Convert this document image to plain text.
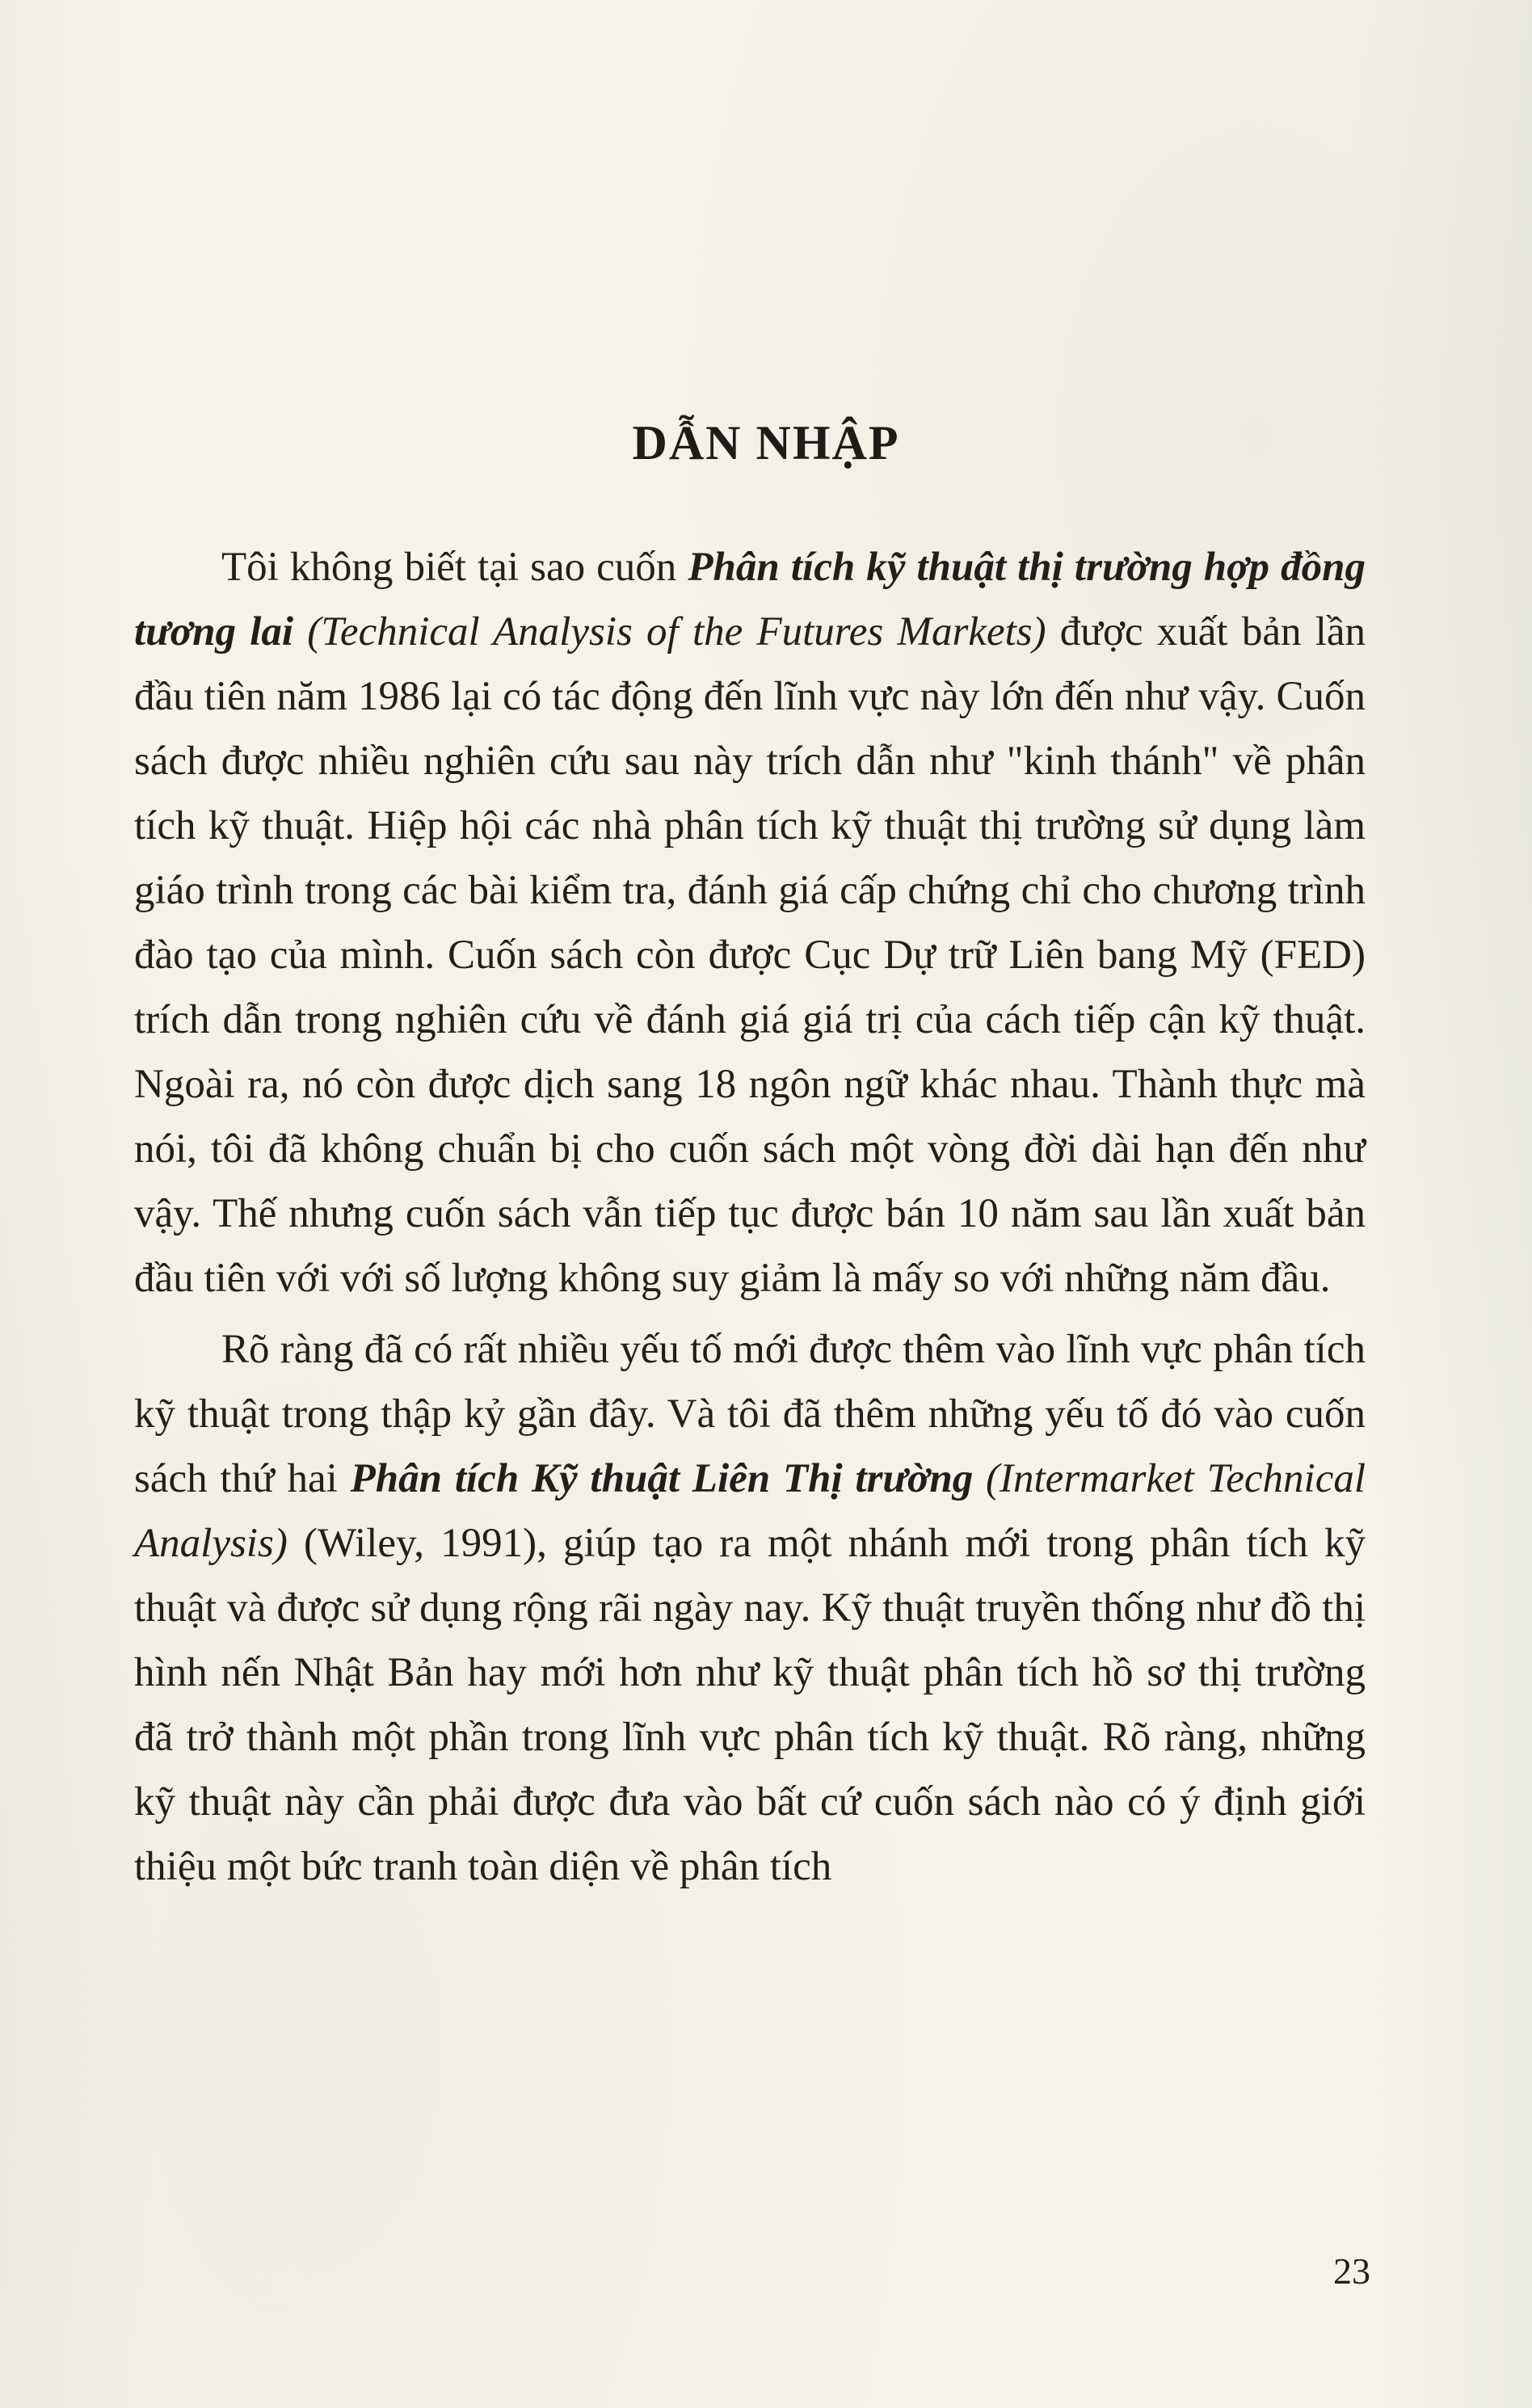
DẪN NHẬP

Tôi không biết tại sao cuốn Phân tích kỹ thuật thị trường hợp đồng tương lai (Technical Analysis of the Futures Markets) được xuất bản lần đầu tiên năm 1986 lại có tác động đến lĩnh vực này lớn đến như vậy. Cuốn sách được nhiều nghiên cứu sau này trích dẫn như "kinh thánh" về phân tích kỹ thuật. Hiệp hội các nhà phân tích kỹ thuật thị trường sử dụng làm giáo trình trong các bài kiểm tra, đánh giá cấp chứng chỉ cho chương trình đào tạo của mình. Cuốn sách còn được Cục Dự trữ Liên bang Mỹ (FED) trích dẫn trong nghiên cứu về đánh giá giá trị của cách tiếp cận kỹ thuật. Ngoài ra, nó còn được dịch sang 18 ngôn ngữ khác nhau. Thành thực mà nói, tôi đã không chuẩn bị cho cuốn sách một vòng đời dài hạn đến như vậy. Thế nhưng cuốn sách vẫn tiếp tục được bán 10 năm sau lần xuất bản đầu tiên với với số lượng không suy giảm là mấy so với những năm đầu.

Rõ ràng đã có rất nhiều yếu tố mới được thêm vào lĩnh vực phân tích kỹ thuật trong thập kỷ gần đây. Và tôi đã thêm những yếu tố đó vào cuốn sách thứ hai Phân tích Kỹ thuật Liên Thị trường (Intermarket Technical Analysis) (Wiley, 1991), giúp tạo ra một nhánh mới trong phân tích kỹ thuật và được sử dụng rộng rãi ngày nay. Kỹ thuật truyền thống như đồ thị hình nến Nhật Bản hay mới hơn như kỹ thuật phân tích hồ sơ thị trường đã trở thành một phần trong lĩnh vực phân tích kỹ thuật. Rõ ràng, những kỹ thuật này cần phải được đưa vào bất cứ cuốn sách nào có ý định giới thiệu một bức tranh toàn diện về phân tích

23
